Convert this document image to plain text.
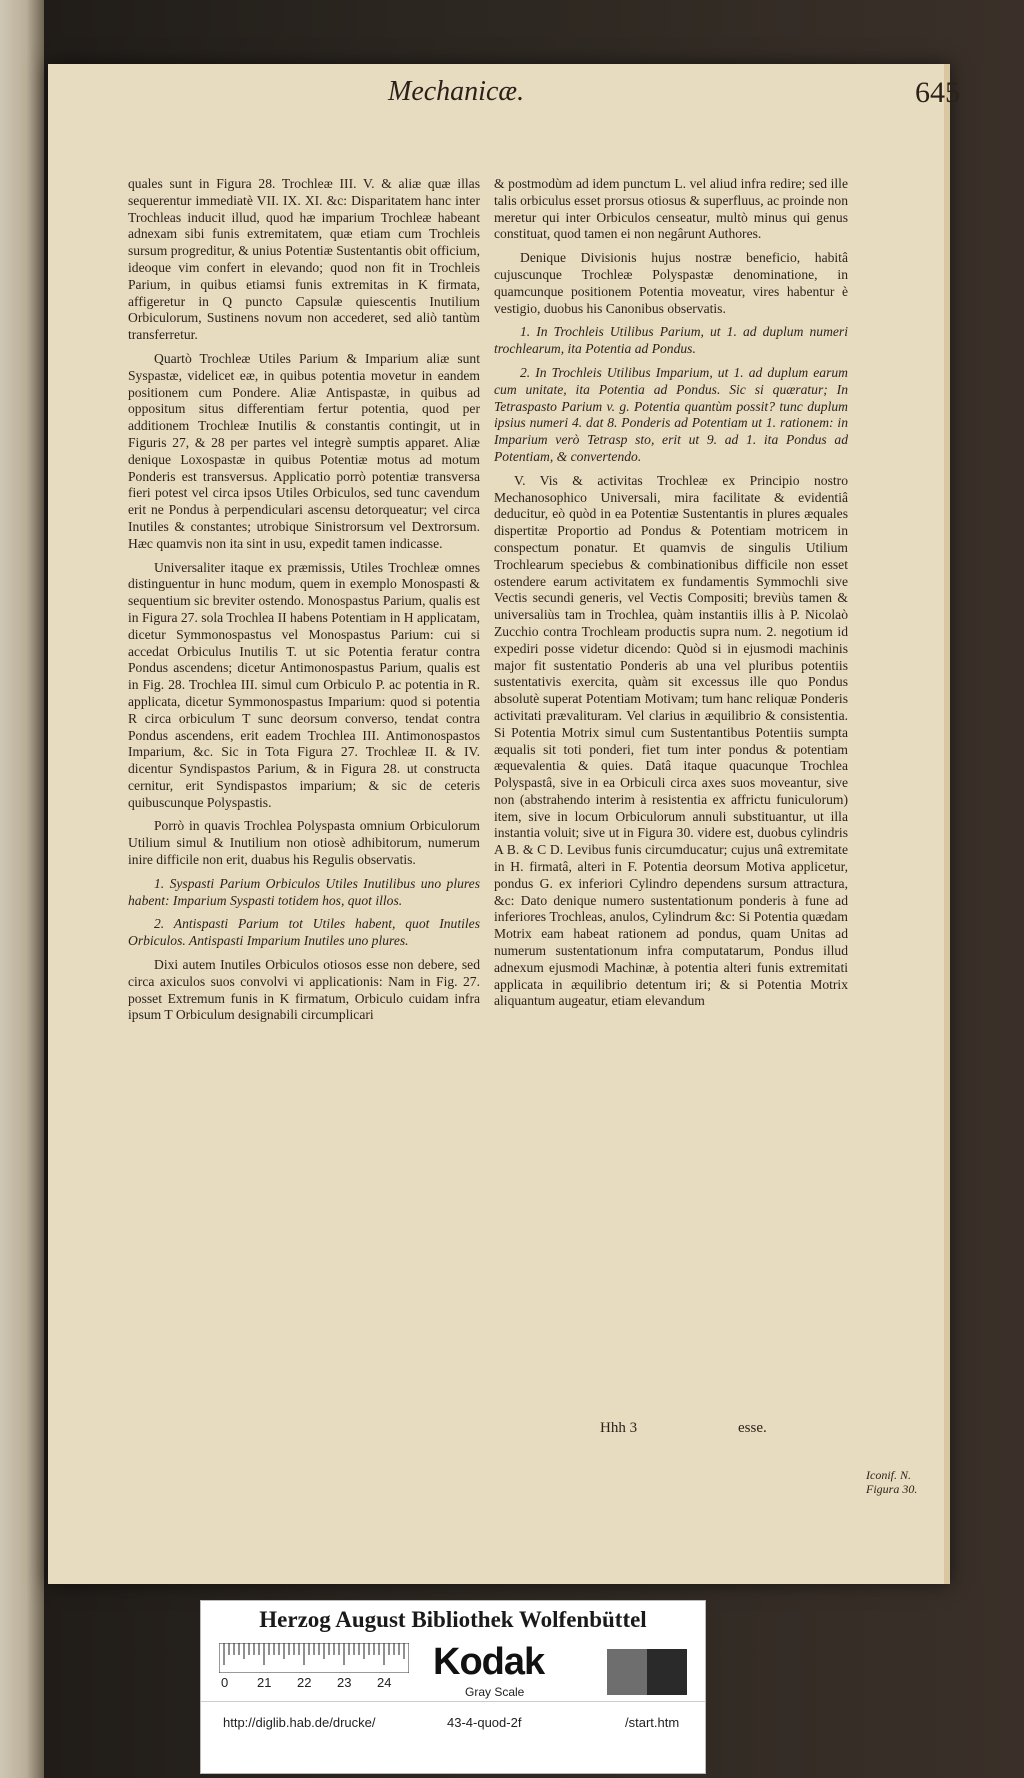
Mechanicæ.	645

quales sunt in Figura 28. Trochleæ III. V. & aliæ quæ illas sequerentur immediatè VII. IX. XI. &c: Disparitatem hanc inter Trochleas inducit illud, quod hæ imparium Trochleæ habeant adnexam sibi funis extremitatem, quæ etiam cum Trochleis sursum progreditur, & unius Potentiæ Sustentantis obit officium, ideoque vim confert in elevando; quod non fit in Trochleis Parium, in quibus etiamsi funis extremitas in K firmata, affigeretur in Q puncto Capsulæ quiescentis Inutilium Orbiculorum, Sustinens novum non accederet, sed aliò tantùm transferretur.

Quartò Trochleæ Utiles Parium & Imparium aliæ sunt Syspastæ, videlicet eæ, in quibus potentia movetur in eandem positionem cum Pondere. Aliæ Antispastæ, in quibus ad oppositum situs differentiam fertur potentia, quod per additionem Trochleæ Inutilis & constantis contingit, ut in Figuris 27, & 28 per partes vel integrè sumptis apparet. Aliæ denique Loxospastæ in quibus Potentiæ motus ad motum Ponderis est transversus. Applicatio porrò potentiæ transversa fieri potest vel circa ipsos Utiles Orbiculos, sed tunc cavendum erit ne Pondus à perpendiculari ascensu detorqueatur; vel circa Inutiles & constantes; utrobique Sinistrorsum vel Dextrorsum. Hæc quamvis non ita sint in usu, expedit tamen indicasse.

Universaliter itaque ex præmissis, Utiles Trochleæ omnes distinguentur in hunc modum, quem in exemplo Monospasti & sequentium sic breviter ostendo. Monospastus Parium, qualis est in Figura 27. sola Trochlea II habens Potentiam in H applicatam, dicetur Symmonospastus vel Monospastus Parium: cui si accedat Orbiculus Inutilis T. ut sic Potentia feratur contra Pondus ascendens; dicetur Antimonospastus Parium, qualis est in Fig. 28. Trochlea III. simul cum Orbiculo P. ac potentia in R. applicata, dicetur Symmonospastus Imparium: quod si potentia R circa orbiculum T sunc deorsum converso, tendat contra Pondus ascendens, erit eadem Trochlea III. Antimonospastos Imparium, &c. Sic in Tota Figura 27. Trochleæ II. & IV. dicentur Syndispastos Parium, & in Figura 28. ut constructa cernitur, erit Syndispastos imparium; & sic de ceteris quibuscunque Polyspastis.

Porrò in quavis Trochlea Polyspasta omnium Orbiculorum Utilium simul & Inutilium non otiosè adhibitorum, numerum inire difficile non erit, duabus his Regulis observatis.

1. Syspasti Parium Orbiculos Utiles Inutilibus uno plures habent: Imparium Syspasti totidem hos, quot illos.

2. Antispasti Parium tot Utiles habent, quot Inutiles Orbiculos. Antispasti Imparium Inutiles uno plures.

Dixi autem Inutiles Orbiculos otiosos esse non debere, sed circa axiculos suos convolvi vi applicationis: Nam in Fig. 27. posset Extremum funis in K firmatum, Orbiculo cuidam infra ipsum T Orbiculum designabili circumplicari

& postmodùm ad idem punctum L. vel aliud infra redire; sed ille talis orbiculus esset prorsus otiosus & superfluus, ac proinde non meretur qui inter Orbiculos censeatur, multò minus qui genus constituat, quod tamen ei non negârunt Authores.

Denique Divisionis hujus nostræ beneficio, habitâ cujuscunque Trochleæ Polyspastæ denominatione, in quamcunque positionem Potentia moveatur, vires habentur è vestigio, duobus his Canonibus observatis.

1. In Trochleis Utilibus Parium, ut 1. ad duplum numeri trochlearum, ita Potentia ad Pondus.

2. In Trochleis Utilibus Imparium, ut 1. ad duplum earum cum unitate, ita Potentia ad Pondus. Sic si quæratur; In Tetraspasto Parium v. g. Potentia quantùm possit? tunc duplum ipsius numeri 4. dat 8. Ponderis ad Potentiam ut 1. rationem: in Imparium verò Tetrasp sto, erit ut 9. ad 1. ita Pondus ad Potentiam, & convertendo.

V. Vis & activitas Trochleæ ex Principio nostro Mechanosophico Universali, mira facilitate & evidentiâ deducitur, eò quòd in ea Potentiæ Sustentantis in plures æquales dispertitæ Proportio ad Pondus & Potentiam motricem in conspectum ponatur. Et quamvis de singulis Utilium Trochlearum speciebus & combinationibus difficile non esset ostendere earum activitatem ex fundamentis Symmochli sive Vectis secundi generis, vel Vectis Compositi; breviùs tamen & universaliùs tam in Trochlea, quàm instantiis illis à P. Nicolaò Zucchio contra Trochleam productis supra num. 2. negotium id expediri posse videtur dicendo: Quòd si in ejusmodi machinis major fit sustentatio Ponderis ab una vel pluribus potentiis sustentativis exercita, quàm sit excessus ille quo Pondus absolutè superat Potentiam Motivam; tum hanc reliquæ Ponderis activitati prævalituram. Vel clarius in æquilibrio & consistentia. Si Potentia Motrix simul cum Sustentantibus Potentiis sumpta æqualis sit toti ponderi, fiet tum inter pondus & potentiam æquevalentia & quies. Datâ itaque quacunque Trochlea Polyspastâ, sive in ea Orbiculi circa axes suos moveantur, sive non (abstrahendo interim à resistentia ex affrictu funiculorum) item, sive in locum Orbiculorum annuli substituantur, ut illa instantia voluit; sive ut in Figura 30. videre est, duobus cylindris A B. & C D. Levibus funis circumducatur; cujus unâ extremitate in H. firmatâ, alteri in F. Potentia deorsum Motiva applicetur, pondus G. ex inferiori Cylindro dependens sursum attractura, &c: Dato denique numero sustentationum ponderis à fune ad inferiores Trochleas, anulos, Cylindrum &c: Si Potentia quædam Motrix eam habeat rationem ad pondus, quam Unitas ad numerum sustentationum infra computatarum, Pondus illud adnexum ejusmodi Machinæ, à potentia alteri funis extremitati applicata in æquilibrio detentum iri; & si Potentia Motrix aliquantum augeatur, etiam elevandum

Iconif. N. Figura 30.
Hhh 3	esse.
Herzog August Bibliothek Wolfenbüttel
0 21 22 23 24 Kodak
Gray Scale
http://diglib.hab.de/drucke/	43-4-quod-2f	/start.htm
